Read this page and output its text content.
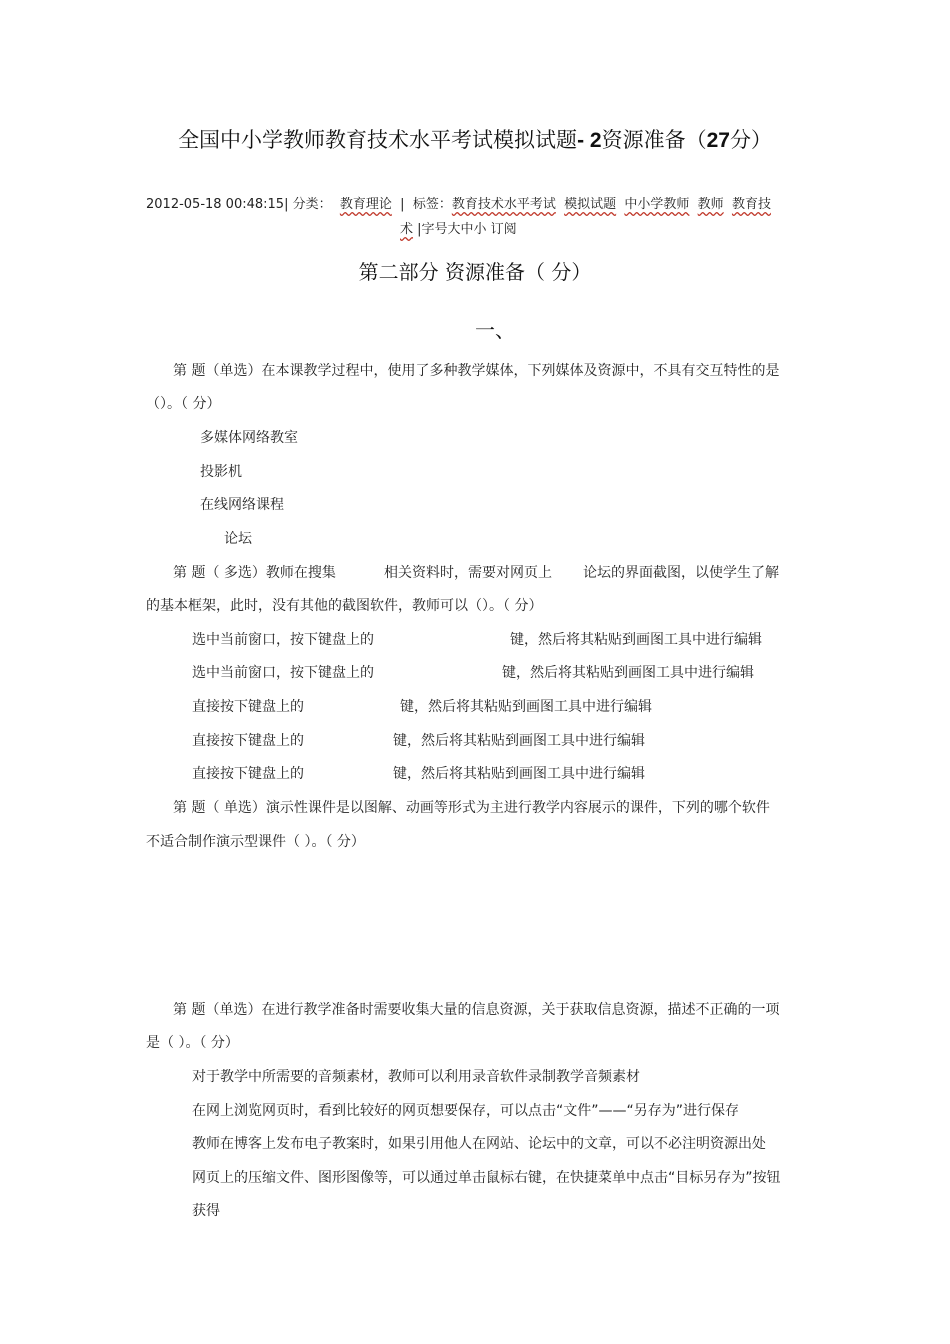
全国中小学教师教育技术水平考试模拟试题- 2资源准备（27分）
2012-05-18 00:48:15| 分类： 教育理论 | 标签：教育技术水平考试 模拟试题 中小学教师 教师 教育技
术 |字号大中小 订阅
第二部分 资源准备（ 分）
一、
第 题（单选）在本课教学过程中，使用了多种教学媒体，下列媒体及资源中，不具有交互特性的是
（）。（ 分）
多媒体网络教室
投影机
在线网络课程
论坛
第 题（ 多选）教师在搜集	相关资料时，需要对网页上 论坛的界面截图，以使学生了解
的基本框架，此时，没有其他的截图软件，教师可以（）。（ 分）
选中当前窗口，按下键盘上的	键，然后将其粘贴到画图工具中进行编辑
选中当前窗口，按下键盘上的	键，然后将其粘贴到画图工具中进行编辑
直接按下键盘上的	键，然后将其粘贴到画图工具中进行编辑
直接按下键盘上的	键，然后将其粘贴到画图工具中进行编辑
直接按下键盘上的	键，然后将其粘贴到画图工具中进行编辑
第 题（ 单选）演示性课件是以图解、动画等形式为主进行教学内容展示的课件，下列的哪个软件
不适合制作演示型课件（ ）。（ 分）
第 题（单选）在进行教学准备时需要收集大量的信息资源，关于获取信息资源，描述不正确的一项
是（ ）。（ 分）
对于教学中所需要的音频素材，教师可以利用录音软件录制教学音频素材
在网上浏览网页时，看到比较好的网页想要保存，可以点击“文件”——“另存为”进行保存
教师在博客上发布电子教案时，如果引用他人在网站、论坛中的文章，可以不必注明资源出处
网页上的压缩文件、图形图像等，可以通过单击鼠标右键，在快捷菜单中点击“目标另存为”按钮
获得
